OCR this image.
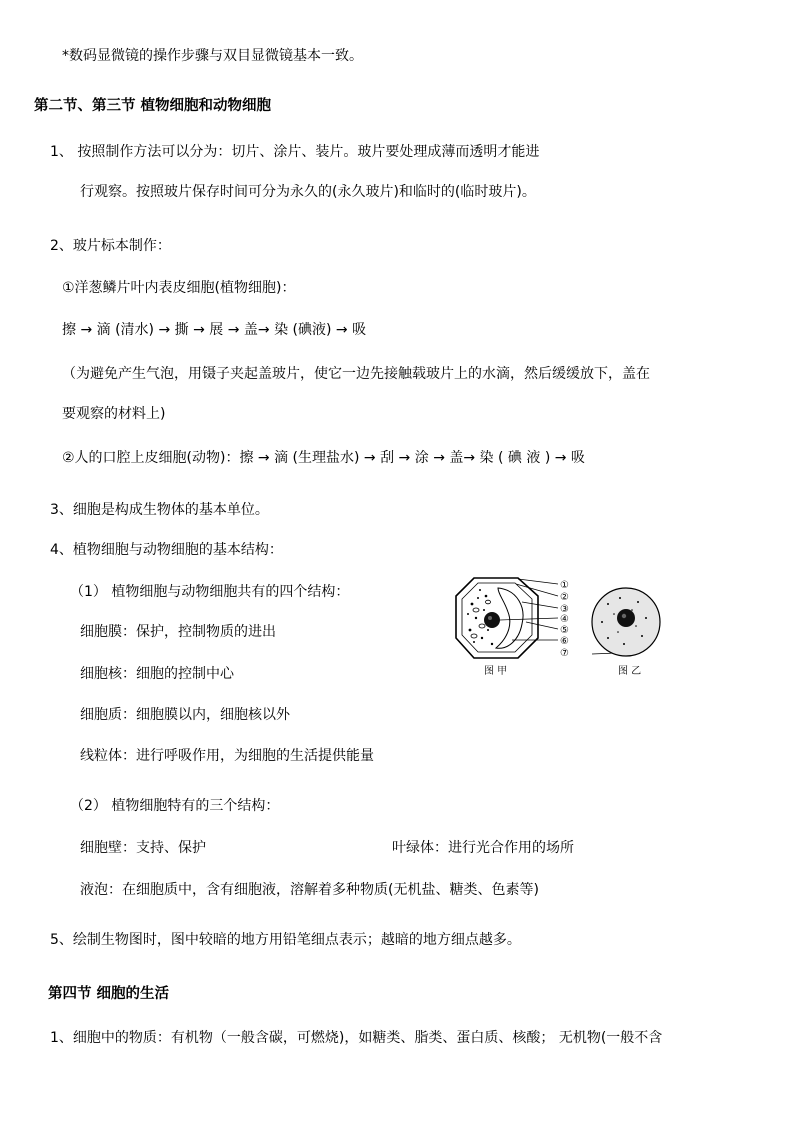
*数码显微镜的操作步骤与双目显微镜基本一致。
第二节、第三节 植物细胞和动物细胞
1、 按照制作方法可以分为：切片、涂片、装片。玻片要处理成薄而透明才能进
行观察。按照玻片保存时间可分为永久的(永久玻片)和临时的(临时玻片)。
2、玻片标本制作：
①洋葱鳞片叶内表皮细胞(植物细胞)：
擦 → 滴 (清水) → 撕 → 展 → 盖→ 染 (碘液) → 吸
（为避免产生气泡，用镊子夹起盖玻片，使它一边先接触载玻片上的水滴，然后缓缓放下，盖在
要观察的材料上)
②人的口腔上皮细胞(动物)：擦 → 滴 (生理盐水) → 刮 → 涂 → 盖→ 染 ( 碘 液 ) → 吸
3、细胞是构成生物体的基本单位。
4、植物细胞与动物细胞的基本结构：
（1） 植物细胞与动物细胞共有的四个结构：
细胞膜：保护，控制物质的进出
细胞核：细胞的控制中心
细胞质：细胞膜以内，细胞核以外
线粒体：进行呼吸作用，为细胞的生活提供能量
（2） 植物细胞特有的三个结构：
细胞壁：支持、保护	叶绿体：进行光合作用的场所
液泡：在细胞质中，含有细胞液，溶解着多种物质(无机盐、糖类、色素等)
5、绘制生物图时，图中较暗的地方用铅笔细点表示；越暗的地方细点越多。
第四节 细胞的生活
1、细胞中的物质：有机物（一般含碳，可燃烧)，如糖类、脂类、蛋白质、核酸； 无机物(一般不含
①
②
③
④
⑤
⑥
⑦
图 甲	图 乙
